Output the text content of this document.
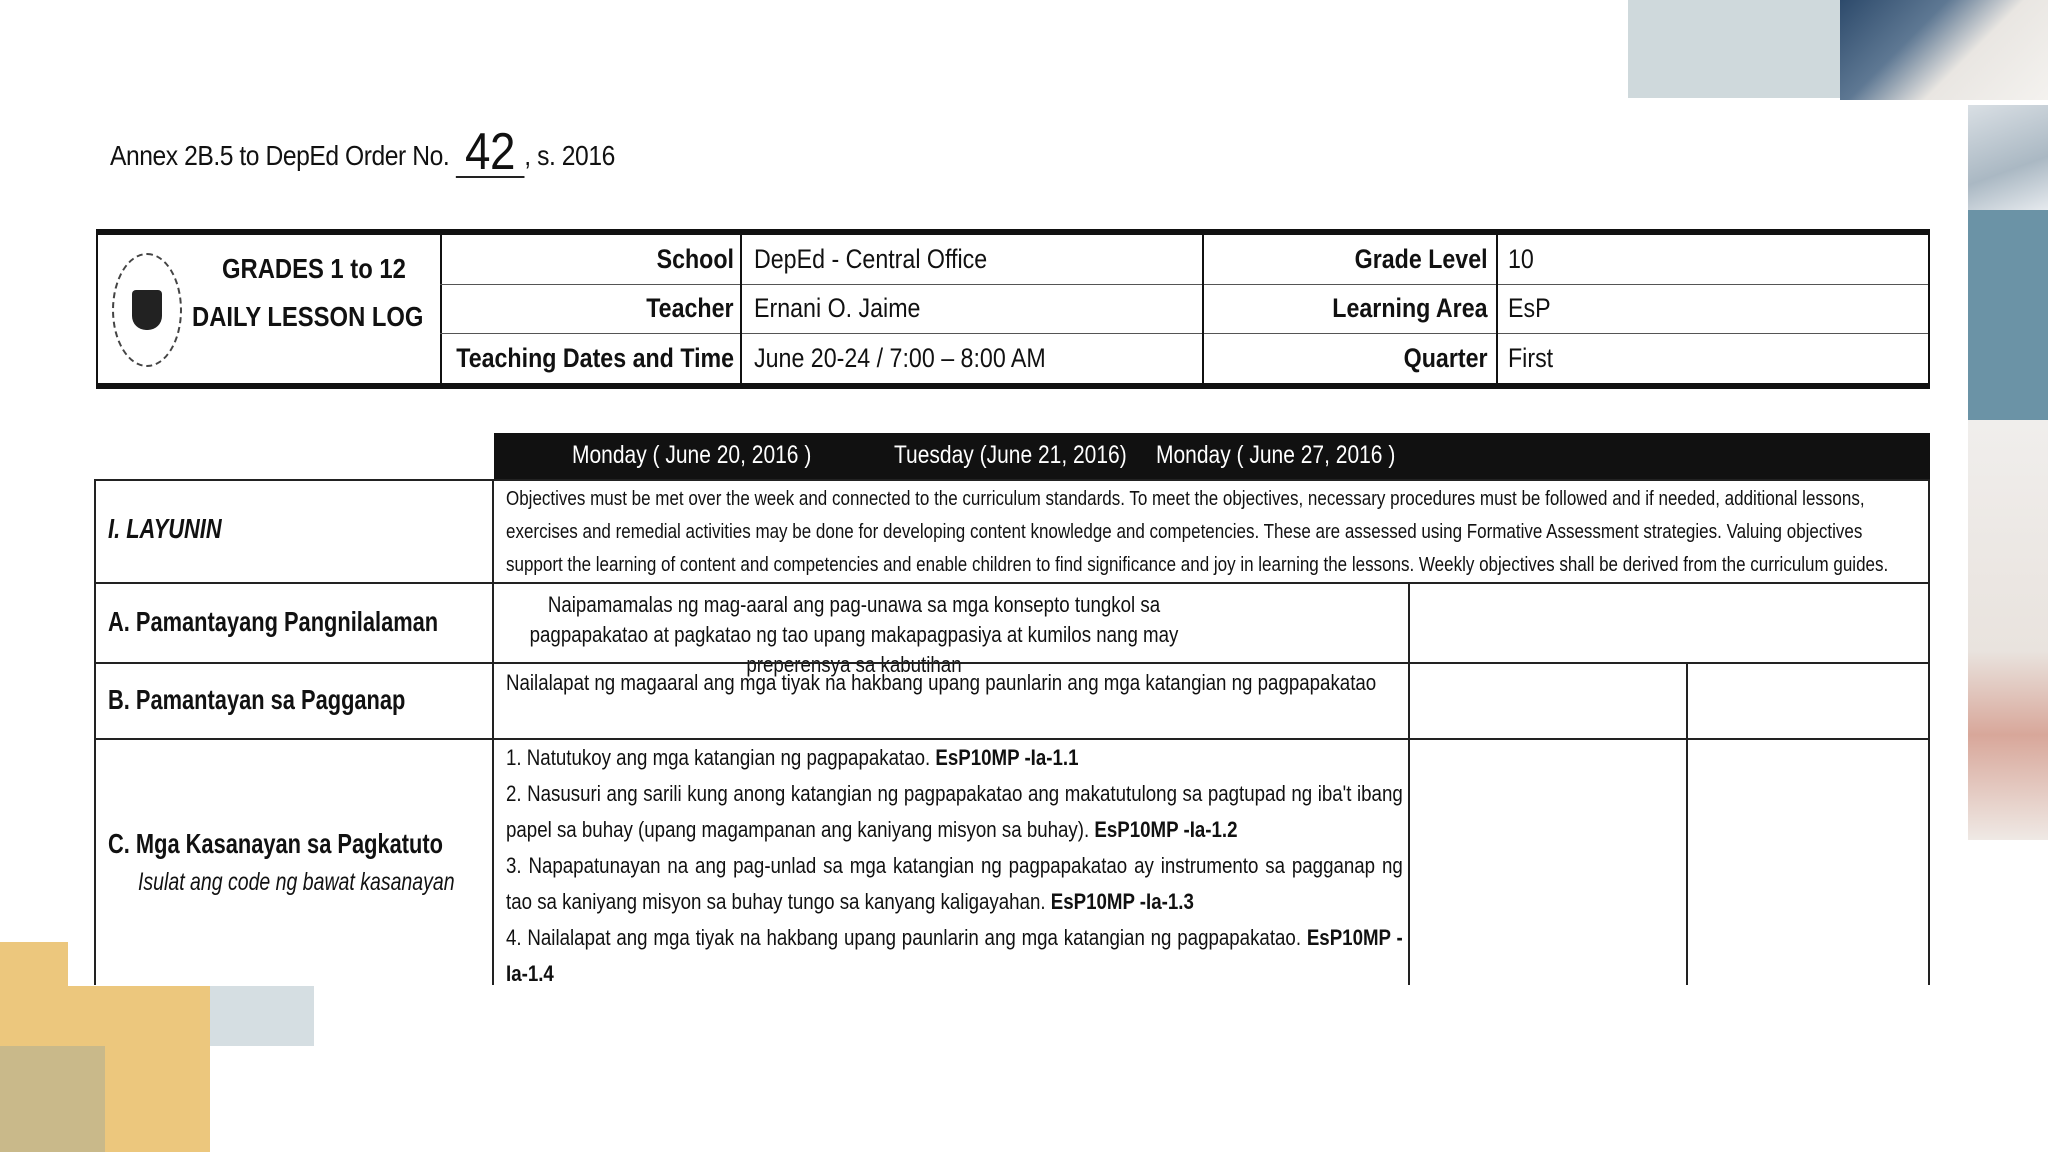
Annex 2B.5 to DepEd Order No. 42 , s. 2016
GRADES 1 to 12
DAILY LESSON LOG
School DepEd - Central Office	Grade Level 10
Teacher Ernani O. Jaime	Learning Area EsP
Teaching Dates and Time June 20-24 / 7:00 – 8:00 AM	Quarter First
Monday ( June 20, 2016 )	Tuesday (June 21, 2016) Monday ( June 27, 2016 )
I. LAYUNIN
Objectives must be met over the week and connected to the curriculum standards. To meet the objectives, necessary procedures must be followed and if needed, additional lessons, exercises and remedial activities may be done for developing content knowledge and competencies. These are assessed using Formative Assessment strategies. Valuing objectives support the learning of content and competencies and enable children to find significance and joy in learning the lessons. Weekly objectives shall be derived from the curriculum guides.
A. Pamantayang Pangnilalaman
Naipamamalas ng mag-aaral ang pag-unawa sa mga konsepto tungkol sa pagpapakatao at pagkatao ng tao upang makapagpasiya at kumilos nang may preperensya sa kabutihan
B. Pamantayan sa Pagganap
Nailalapat ng magaaral ang mga tiyak na hakbang upang paunlarin ang mga katangian ng pagpapakatao
C. Mga Kasanayan sa Pagkatuto
Isulat ang code ng bawat kasanayan
1. Natutukoy ang mga katangian ng pagpapakatao. EsP10MP -Ia-1.1
2. Nasusuri ang sarili kung anong katangian ng pagpapakatao ang makatutulong sa pagtupad ng iba't ibang papel sa buhay (upang magampanan ang kaniyang misyon sa buhay). EsP10MP -Ia-1.2
3. Napapatunayan na ang pag-unlad sa mga katangian ng pagpapakatao ay instrumento sa pagganap ng tao sa kaniyang misyon sa buhay tungo sa kanyang kaligayahan. EsP10MP -Ia-1.3
4. Nailalapat ang mga tiyak na hakbang upang paunlarin ang mga katangian ng pagpapakatao. EsP10MP -Ia-1.4
